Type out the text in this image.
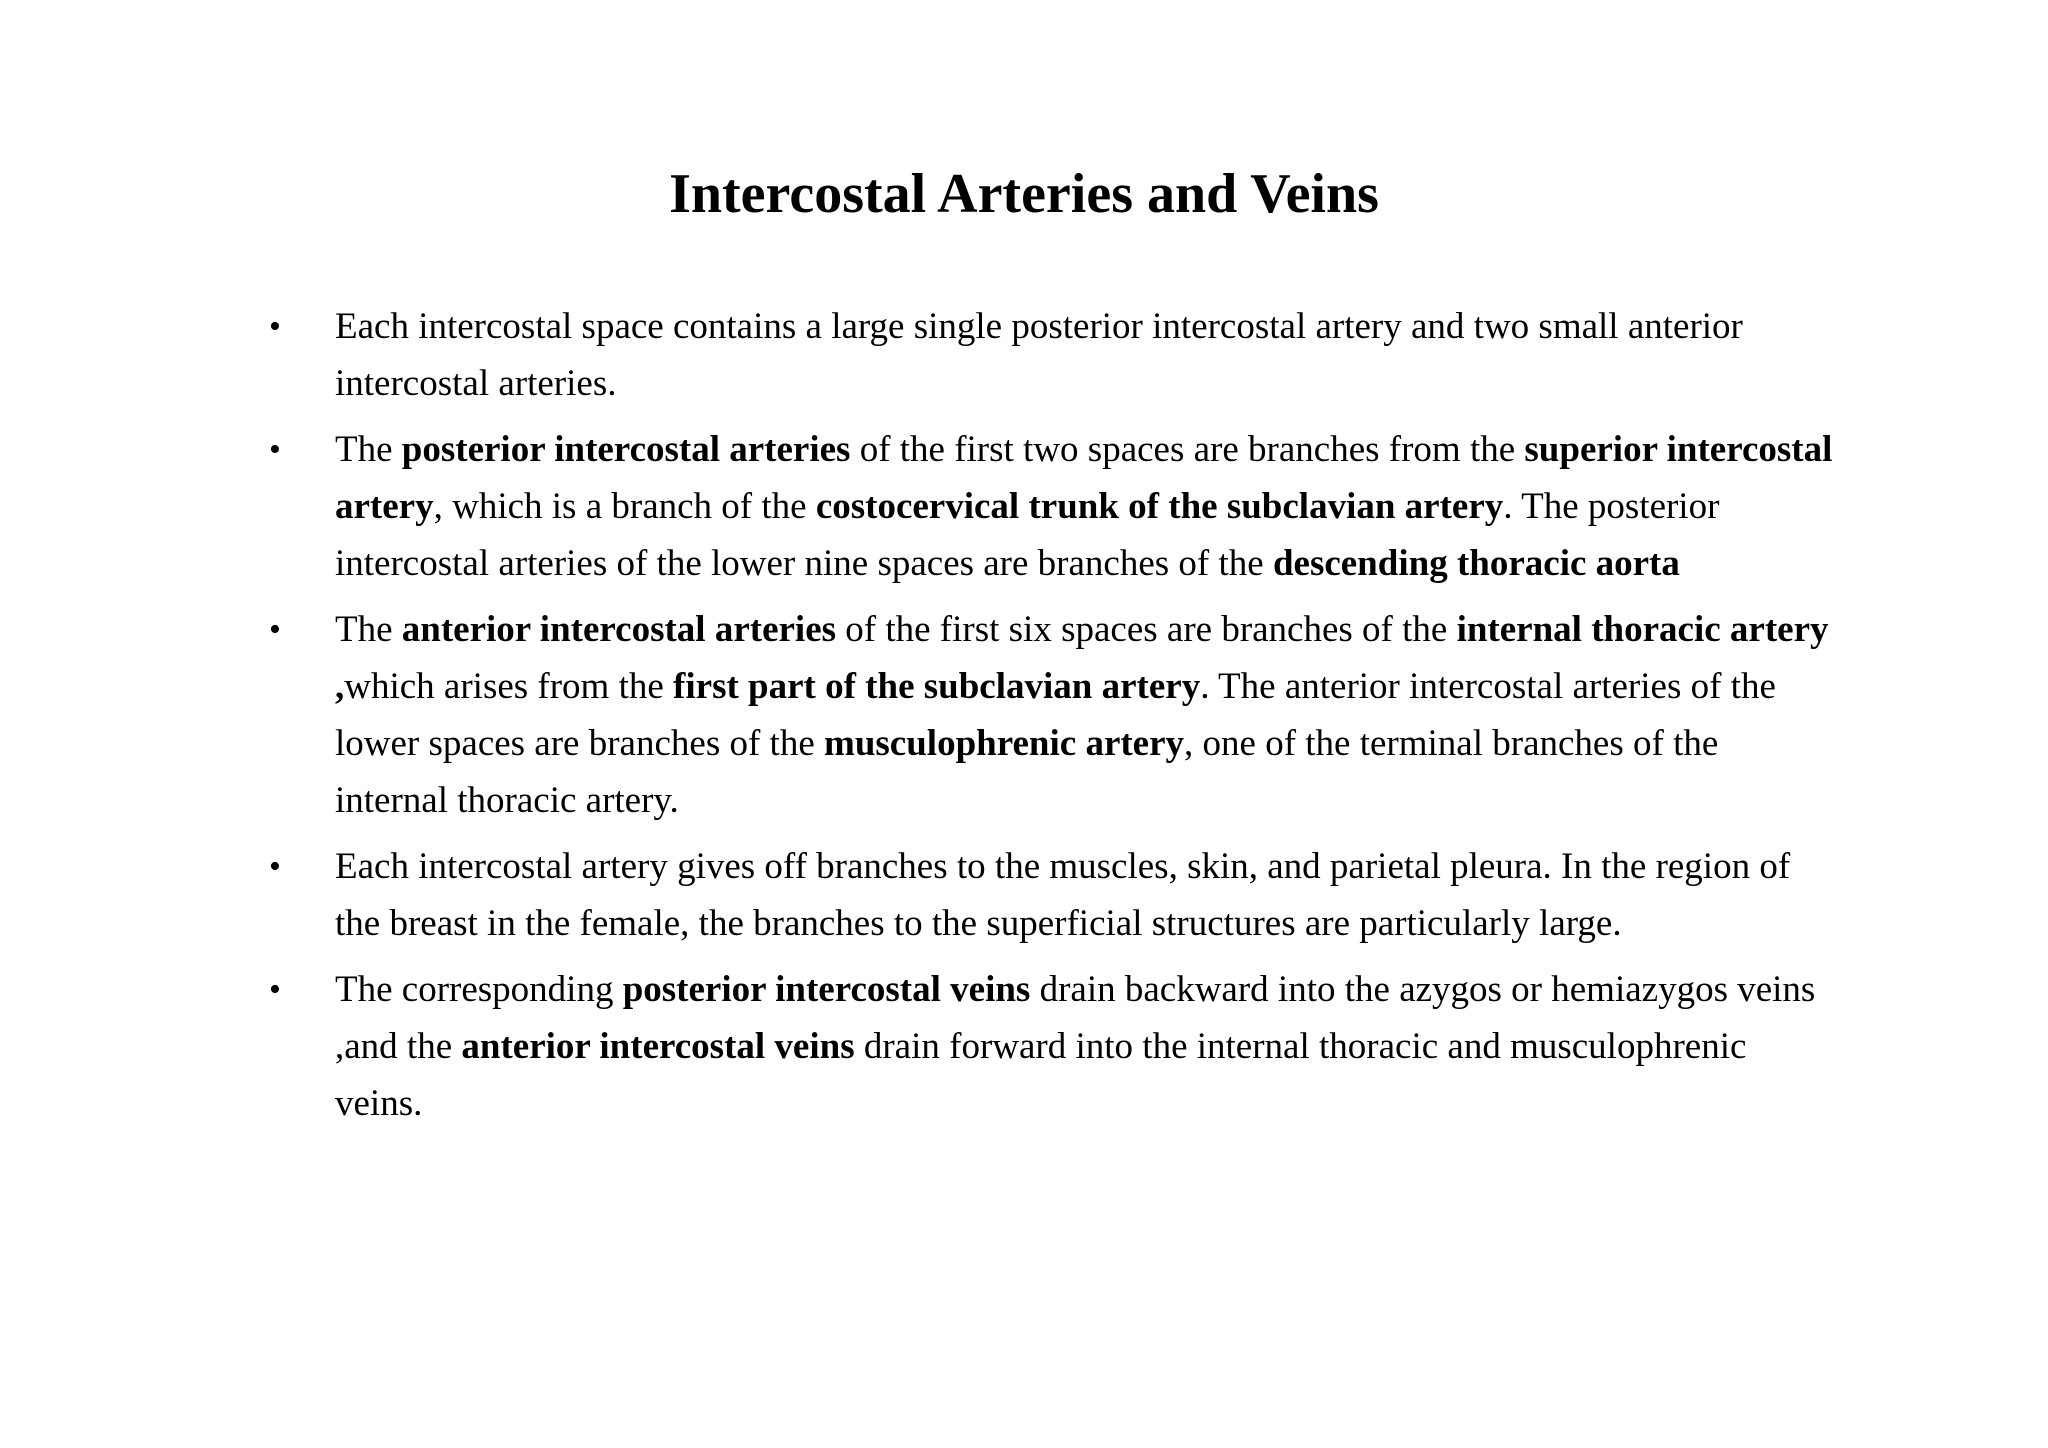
Intercostal Arteries and Veins
• Each intercostal space contains a large single posterior intercostal artery and two small anterior intercostal arteries.
• The posterior intercostal arteries of the first two spaces are branches from the superior intercostal artery, which is a branch of the costocervical trunk of the subclavian artery. The posterior intercostal arteries of the lower nine spaces are branches of the descending thoracic aorta
• The anterior intercostal arteries of the first six spaces are branches of the internal thoracic artery ,which arises from the first part of the subclavian artery. The anterior intercostal arteries of the lower spaces are branches of the musculophrenic artery, one of the terminal branches of the internal thoracic artery.
• Each intercostal artery gives off branches to the muscles, skin, and parietal pleura. In the region of the breast in the female, the branches to the superficial structures are particularly large.
• The corresponding posterior intercostal veins drain backward into the azygos or hemiazygos veins ,and the anterior intercostal veins drain forward into the internal thoracic and musculophrenic veins.
